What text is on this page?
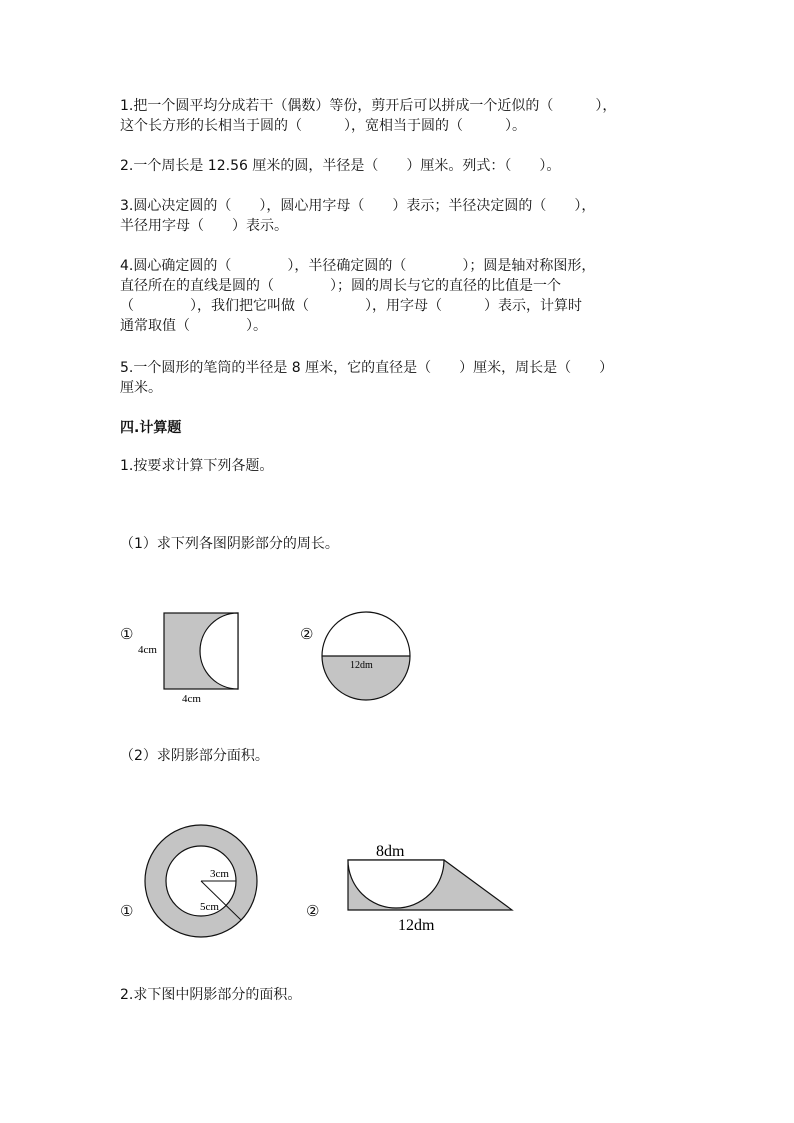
1.把一个圆平均分成若干（偶数）等份，剪开后可以拼成一个近似的（　　　），
这个长方形的长相当于圆的（　　　），宽相当于圆的（　　　）。
2.一个周长是 12.56 厘米的圆，半径是（　　）厘米。列式：（　　）。
3.圆心决定圆的（　　），圆心用字母（　　）表示；半径决定圆的（　　），
半径用字母（　　）表示。
4.圆心确定圆的（　　　　），半径确定圆的（　　　　）；圆是轴对称图形，
直径所在的直线是圆的（　　　　）；圆的周长与它的直径的比值是一个
（　　　　），我们把它叫做（　　　　），用字母（　　　）表示，计算时
通常取值（　　　　）。
5.一个圆形的笔筒的半径是 8 厘米，它的直径是（　　）厘米，周长是（　　）
厘米。
四.计算题
1.按要求计算下列各题。
（1）求下列各图阴影部分的周长。
①
4cm
4cm
②
12dm
（2）求阴影部分面积。
①
3cm
5cm	②
8dm
12dm
2.求下图中阴影部分的面积。
